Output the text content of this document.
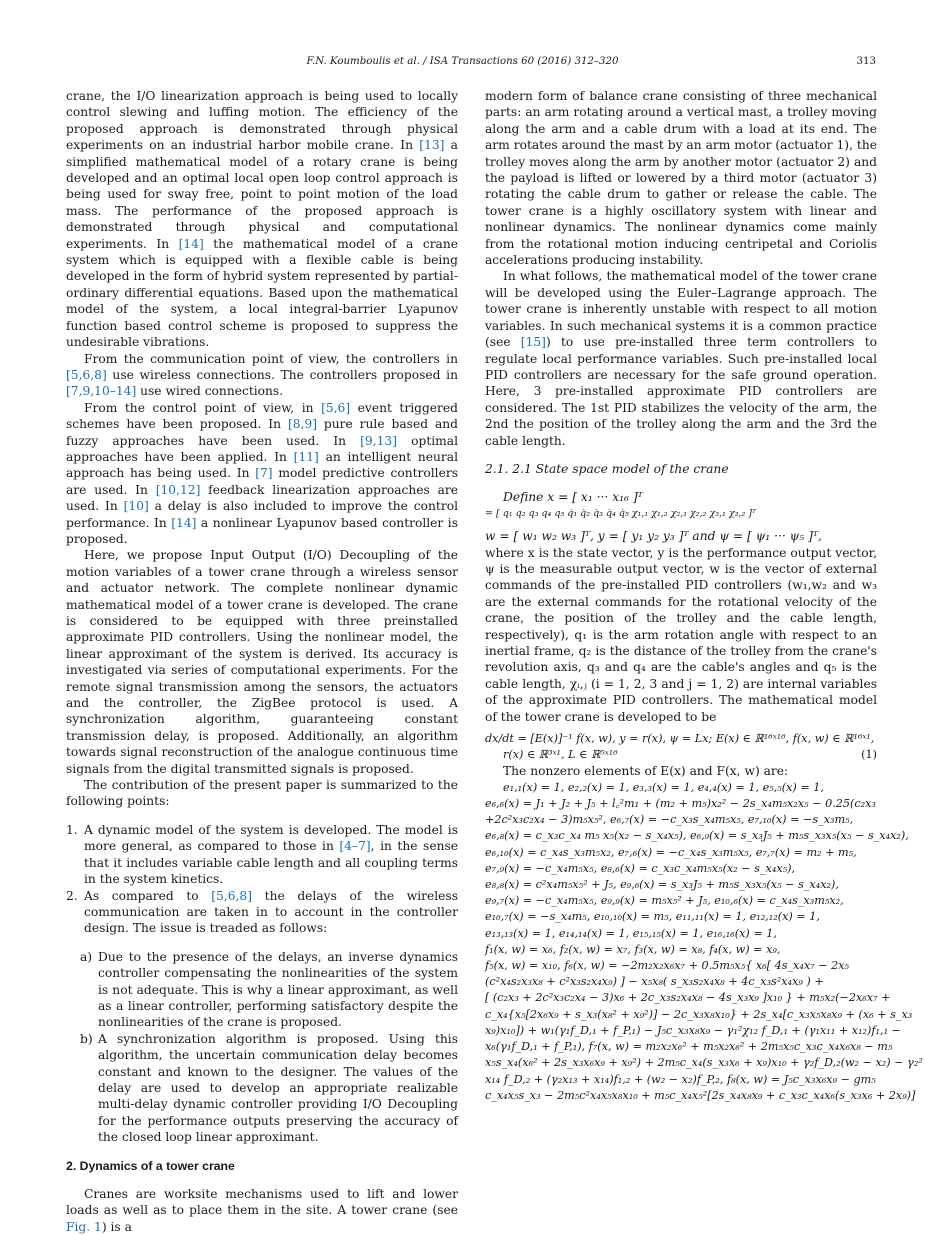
F.N. Koumboulis et al. / ISA Transactions 60 (2016) 312–320	313

crane, the I/O linearization approach is being used to locally control slewing and luffing motion. The efficiency of the proposed approach is demonstrated through physical experiments on an industrial harbor mobile crane. In [13] a simplified mathematical model of a rotary crane is being developed and an optimal local open loop control approach is being used for sway free, point to point motion of the load mass. The performance of the proposed approach is demonstrated through physical and computational experiments. In [14] the mathematical model of a crane system which is equipped with a flexible cable is being developed in the form of hybrid system represented by partial-ordinary differential equations. Based upon the mathematical model of the system, a local integral-barrier Lyapunov function based control scheme is proposed to suppress the undesirable vibrations.

From the communication point of view, the controllers in [5,6,8] use wireless connections. The controllers proposed in [7,9,10–14] use wired connections.

From the control point of view, in [5,6] event triggered schemes have been proposed. In [8,9] pure rule based and fuzzy approaches have been used. In [9,13] optimal approaches have been applied. In [11] an intelligent neural approach has being used. In [7] model predictive controllers are used. In [10,12] feedback linearization approaches are used. In [10] a delay is also included to improve the control performance. In [14] a nonlinear Lyapunov based controller is proposed.

Here, we propose Input Output (I/O) Decoupling of the motion variables of a tower crane through a wireless sensor and actuator network. The complete nonlinear dynamic mathematical model of a tower crane is developed. The crane is considered to be equipped with three preinstalled approximate PID controllers. Using the nonlinear model, the linear approximant of the system is derived. Its accuracy is investigated via series of computational experiments. For the remote signal transmission among the sensors, the actuators and the controller, the ZigBee protocol is used. A synchronization algorithm, guaranteeing constant transmission delay, is proposed. Additionally, an algorithm towards signal reconstruction of the analogue continuous time signals from the digital transmitted signals is proposed.

The contribution of the present paper is summarized to the following points:

1. A dynamic model of the system is developed. The model is more general, as compared to those in [4–7], in the sense that it includes variable cable length and all coupling terms in the system kinetics.
2. As compared to [5,6,8] the delays of the wireless communication are taken in to account in the controller design. The issue is treaded as follows:
a) Due to the presence of the delays, an inverse dynamics controller compensating the nonlinearities of the system is not adequate. This is why a linear approximant, as well as a linear controller, performing satisfactory despite the nonlinearities of the crane is proposed.
b) A synchronization algorithm is proposed. Using this algorithm, the uncertain communication delay becomes constant and known to the designer. The values of the delay are used to develop an appropriate realizable multi-delay dynamic controller providing I/O Decoupling for the performance outputs preserving the accuracy of the closed loop linear approximant.
2. Dynamics of a tower crane

Cranes are worksite mechanisms used to lift and lower loads as well as to place them in the site. A tower crane (see Fig. 1) is a

modern form of balance crane consisting of three mechanical parts: an arm rotating around a vertical mast, a trolley moving along the arm and a cable drum with a load at its end. The arm rotates around the mast by an arm motor (actuator 1), the trolley moves along the arm by another motor (actuator 2) and the payload is lifted or lowered by a third motor (actuator 3) rotating the cable drum to gather or release the cable. The tower crane is a highly oscillatory system with linear and nonlinear dynamics. The nonlinear dynamics come mainly from the rotational motion inducing centripetal and Coriolis accelerations producing instability.

In what follows, the mathematical model of the tower crane will be developed using the Euler–Lagrange approach. The tower crane is inherently unstable with respect to all motion variables. In such mechanical systems it is a common practice (see [15]) to use pre-installed three term controllers to regulate local performance variables. Such pre-installed local PID controllers are necessary for the safe ground operation. Here, 3 pre-installed approximate PID controllers are considered. The 1st PID stabilizes the velocity of the arm, the 2nd the position of the trolley along the arm and the 3rd the cable length.

2.1. 2.1 State space model of the crane

Define x = [ x₁ ··· x₁₆ ]ᵀ

= [ q₁ q₂ q₃ q₄ q₅ q̇₁ q̇₂ q̇₃ q̇₄ q̇₅ χ₁,₁ χ₁,₂ χ₂,₁ χ₂,₂ χ₃,₁ χ₃,₂ ]ᵀ

w = [ w₁ w₂ w₃ ]ᵀ, y = [ y₁ y₂ y₃ ]ᵀ and ψ = [ ψ₁ ··· ψ₅ ]ᵀ,

where x is the state vector, y is the performance output vector, ψ is the measurable output vector, w is the vector of external commands of the pre-installed PID controllers (w₁,w₂ and w₃ are the external commands for the rotational velocity of the crane, the position of the trolley and the cable length, respectively), q₁ is the arm rotation angle with respect to an inertial frame, q₂ is the distance of the trolley from the crane's revolution axis, q₃ and q₄ are the cable's angles and q₅ is the cable length, χᵢ,ⱼ (i = 1, 2, 3 and j = 1, 2) are internal variables of the approximate PID controllers. The mathematical model of the tower crane is developed to be

dx/dt = [E(x)]⁻¹ f(x, w), y = r(x), ψ = Lx; E(x) ∈ ℝ¹⁶ˣ¹⁶, f(x, w) ∈ ℝ¹⁶ˣ¹,
(1)
r(x) ∈ ℝ³ˣ¹, L ∈ ℝ⁵ˣ¹⁶

The nonzero elements of E(x) and F(x, w) are:

e₁,₁(x) = 1, e₂,₂(x) = 1, e₃,₃(x) = 1, e₄,₄(x) = 1, e₅,₅(x) = 1,
e₆,₆(x) = J₁ + J₂ + J₅ + l꜀²m₁ + (m₂ + m₅)x₂² − 2s_x₄m₅x₂x₅ − 0.25(c₂x₃
+2c²x₃c₂x₄ − 3)m₅x₅², e₆,₇(x) = −c_x₃s_x₄m₅x₅, e₇,₁₀(x) = −s_x₃m₅,
e₆,₈(x) = c_x₃c_x₄ m₅ x₅(x₂ − s_x₄x₅), e₆,₉(x) = s_x₃J₅ + m₅s_x₃x₅(x₅ − s_x₄x₂),
e₆,₁₀(x) = c_x₄s_x₃m₅x₂, e₇,₆(x) = −c_x₄s_x₃m₅x₅, e₇,₇(x) = m₂ + m₅,
e₇,₉(x) = −c_x₄m₅x₅, e₈,₆(x) = c_x₃c_x₄m₅x₅(x₂ − s_x₄x₅),
e₈,₈(x) = c²x₄m₅x₅² + J₅, e₉,₆(x) = s_x₃J₅ + m₅s_x₃x₅(x₅ − s_x₄x₂),
e₉,₇(x) = −c_x₄m₅x₅, e₉,₉(x) = m₅x₅² + J₅, e₁₀,₆(x) = c_x₄s_x₃m₅x₂,
e₁₀,₇(x) = −s_x₄m₅, e₁₀,₁₀(x) = m₅, e₁₁,₁₁(x) = 1, e₁₂,₁₂(x) = 1,
e₁₃,₁₃(x) = 1, e₁₄,₁₄(x) = 1, e₁₅,₁₅(x) = 1, e₁₆,₁₆(x) = 1,
f₁(x, w) = x₆, f₂(x, w) = x₇, f₃(x, w) = x₈, f₄(x, w) = x₉,
f₅(x, w) = x₁₀, f₆(x, w) = −2m₂x₂x₆x₇ + 0.5m₅x₅{ x₆[ 4s_x₄x₇ − 2x₅
(c²x₄s₂x₃x₈ + c²x₃s₂x₄x₉) ] − x₅x₈( s_x₃s₂x₄x₈ + 4c_x₃s²x₄x₉ ) +
[ (c₂x₃ + 2c²x₃c₂x₄ − 3)x₆ + 2c_x₃s₂x₄x₈ − 4s_x₃x₉ ]x₁₀ } + m₅x₂(−2x₆x₇ +
c_x₄{x₅[2x₆x₉ + s_x₃(x₈² + x₉²)] − 2c_x₃x₈x₁₀} + 2s_x₄[c_x₃x₅x₈x₉ + (x₆ + s_x₃
x₉)x₁₀]) + w₁(γ₁f_D,₁ + f_P,₁) − J₅c_x₃x₈x₉ − γ₁²χ₁₂ f_D,₁ + (γ₁x₁₁ + x₁₂)f₁,₁ −
x₆(γ₁f_D,₁ + f_P,₁), f₇(x, w) = m₂x₂x₆² + m₅x₂x₆² + 2m₅x₅c_x₃c_x₄x₆x₈ − m₅
x₅s_x₄(x₆² + 2s_x₃x₆x₉ + x₉²) + 2m₅c_x₄(s_x₃x₆ + x₉)x₁₀ + γ₂f_D,₂(w₂ − x₂) − γ₂²
x₁₄ f_D,₂ + (γ₂x₁₃ + x₁₄)f₁,₂ + (w₂ − x₂)f_P,₂, f₈(x, w) = J₅c_x₃x₆x₉ − gm₅
c_x₄x₅s_x₃ − 2m₅c²x₄x₅x₈x₁₀ + m₅c_x₄x₅²[2s_x₄x₈x₉ + c_x₃c_x₄x₆(s_x₃x₆ + 2x₉)]
